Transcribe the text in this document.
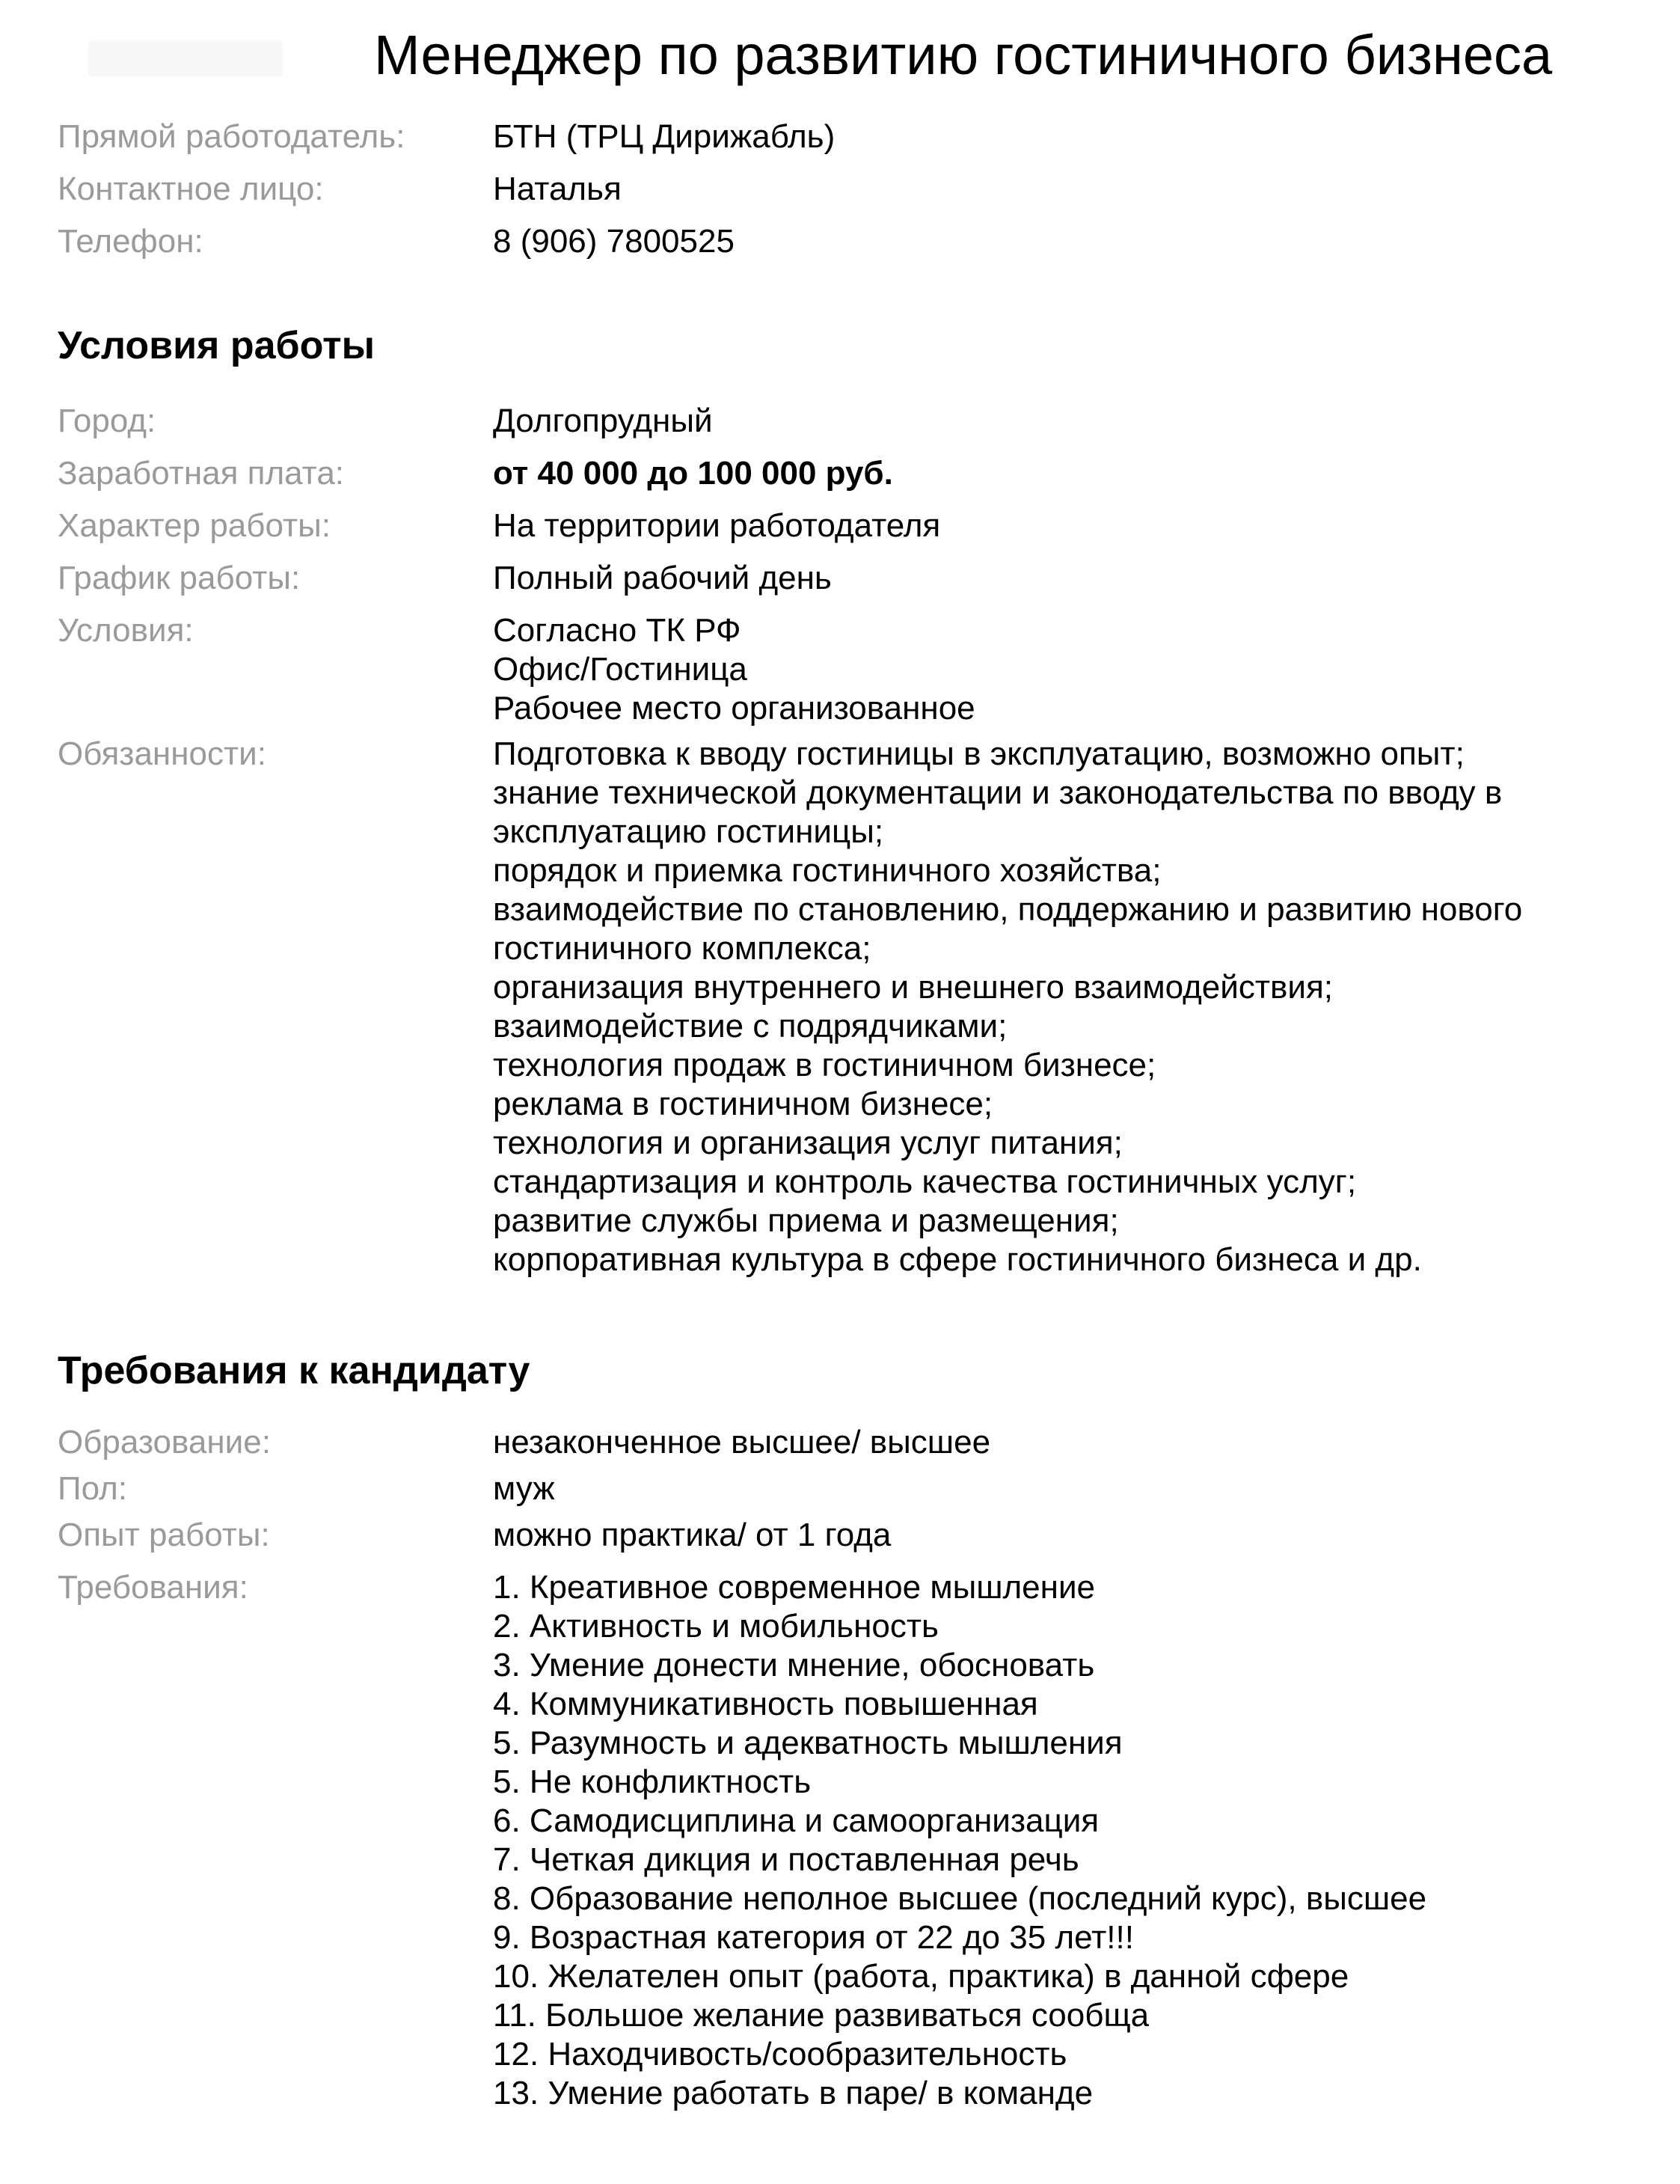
Менеджер по развитию гостиничного бизнеса
Прямой работодатель:	БТН (ТРЦ Дирижабль)
Контактное лицо:	Наталья
Телефон:	8 (906) 7800525
Условия работы
Город:	Долгопрудный
Заработная плата:	от 40 000 до 100 000 руб.
Характер работы:	На территории работодателя
График работы:	Полный рабочий день
Условия:	Согласно ТК РФ
Офис/Гостиница
Рабочее место организованное
Обязанности:	Подготовка к вводу гостиницы в эксплуатацию, возможно опыт;
знание технической документации и законодательства по вводу в
эксплуатацию гостиницы;
порядок и приемка гостиничного хозяйства;
взаимодействие по становлению, поддержанию и развитию нового
гостиничного комплекса;
организация внутреннего и внешнего взаимодействия;
взаимодействие с подрядчиками;
технология продаж в гостиничном бизнесе;
реклама в гостиничном бизнесе;
технология и организация услуг питания;
стандартизация и контроль качества гостиничных услуг;
развитие службы приема и размещения;
корпоративная культура в сфере гостиничного бизнеса и др.
Требования к кандидату
Образование:	незаконченное высшее/ высшее
Пол:	муж
Опыт работы:	можно практика/ от 1 года
Требования:	1. Креативное современное мышление
2. Активность и мобильность
3. Умение донести мнение, обосновать
4. Коммуникативность повышенная
5. Разумность и адекватность мышления
5. Не конфликтность
6. Самодисциплина и самоорганизация
7. Четкая дикция и поставленная речь
8. Образование неполное высшее (последний курс), высшее
9. Возрастная категория от 22 до 35 лет!!!
10. Желателен опыт (работа, практика) в данной сфере
11. Большое желание развиваться сообща
12. Находчивость/сообразительность
13. Умение работать в паре/ в команде
